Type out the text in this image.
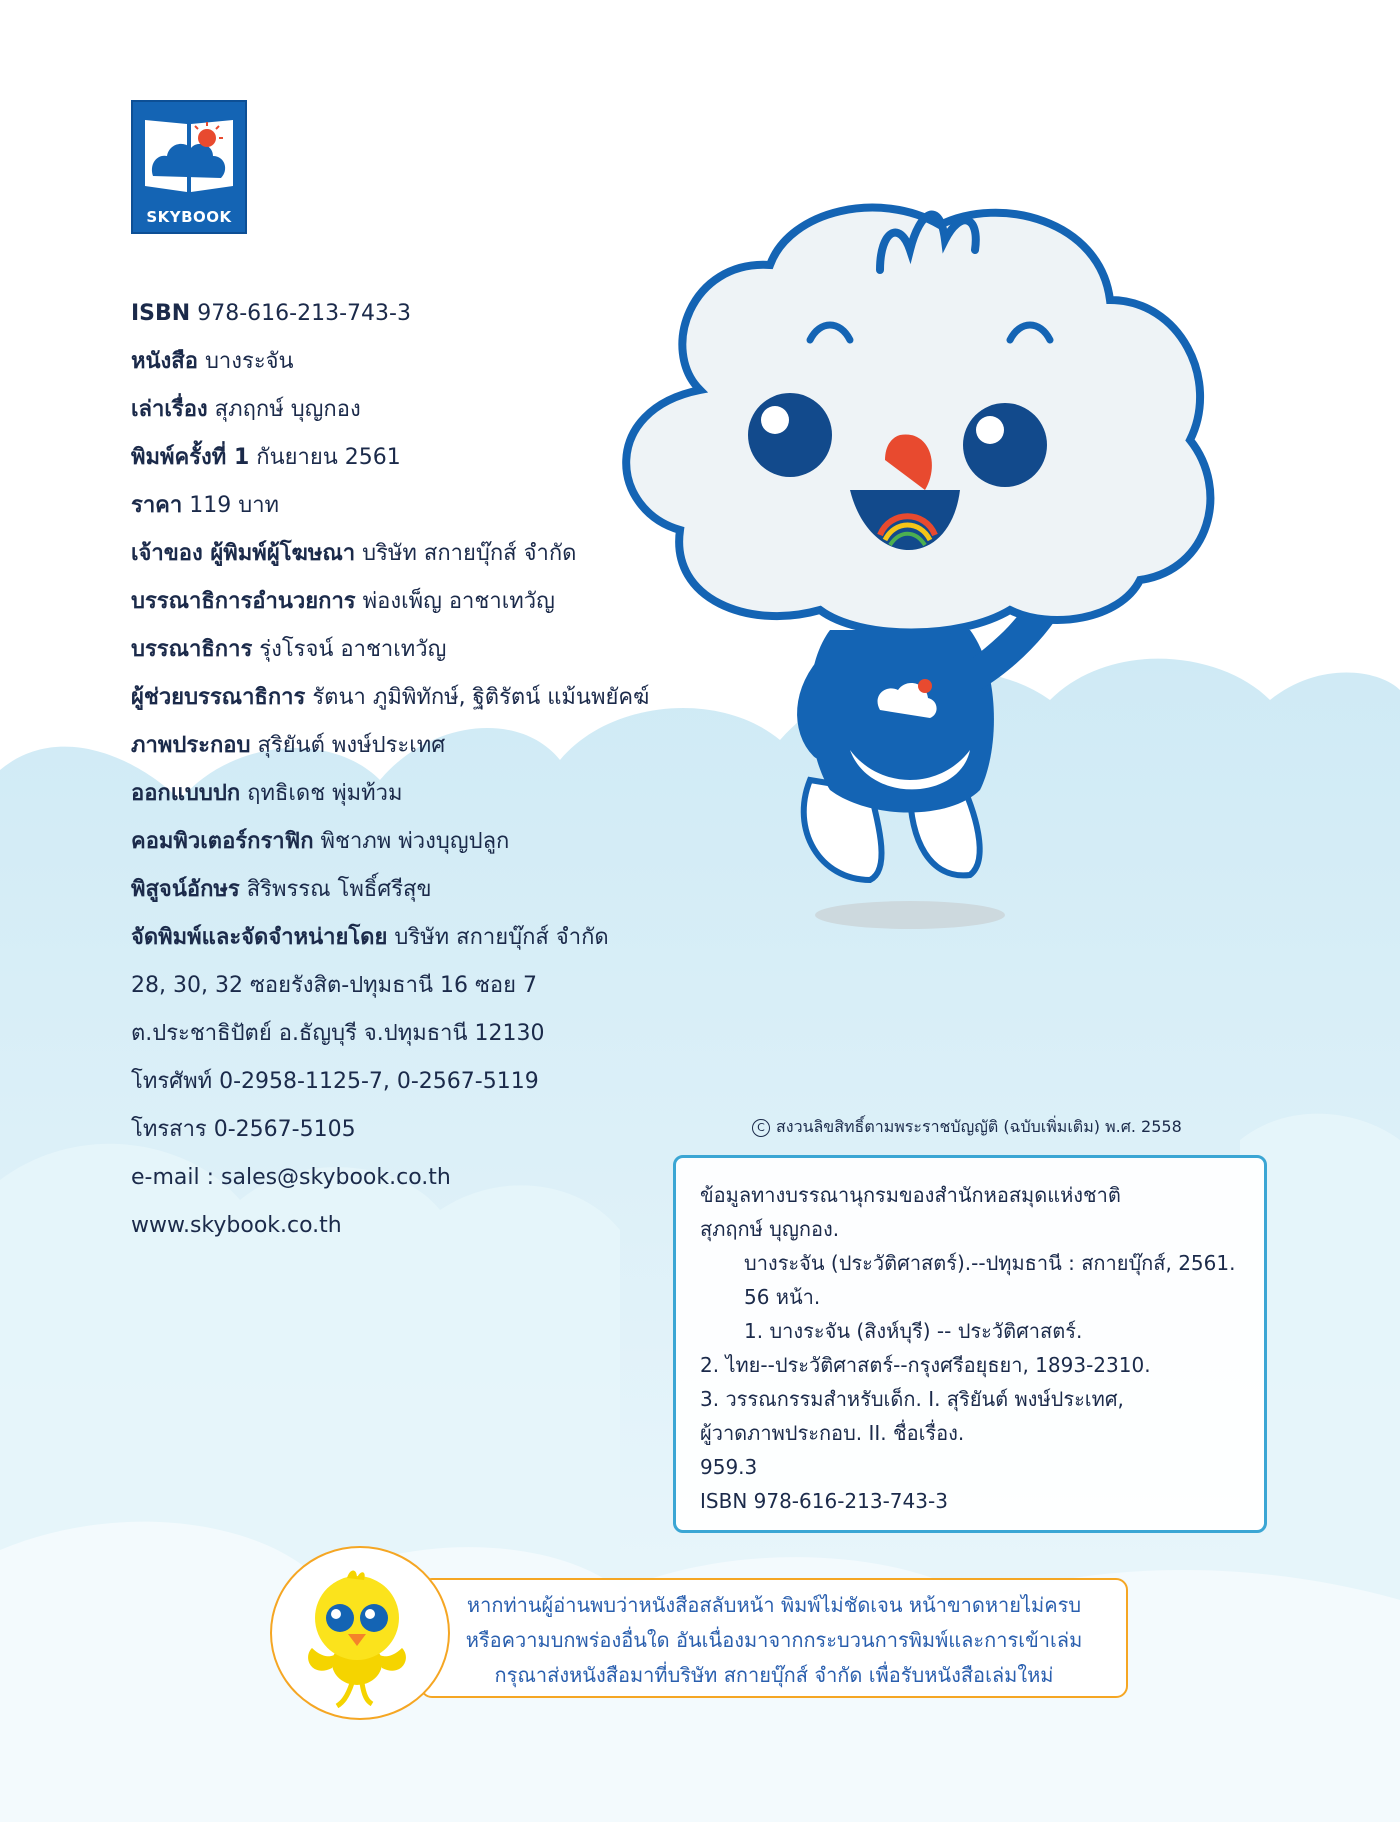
SKYBOOK
ISBN 978-616-213-743-3
หนังสือ บางระจัน
เล่าเรื่อง สุภฤกษ์ บุญกอง
พิมพ์ครั้งที่ 1 กันยายน 2561
ราคา 119 บาท
เจ้าของ ผู้พิมพ์ผู้โฆษณา บริษัท สกายบุ๊กส์ จำกัด
บรรณาธิการอำนวยการ พ่องเพ็ญ อาชาเทวัญ
บรรณาธิการ รุ่งโรจน์ อาชาเทวัญ
ผู้ช่วยบรรณาธิการ รัตนา ภูมิพิทักษ์, ฐิติรัตน์ แม้นพยัคฆ์
ภาพประกอบ สุริยันต์ พงษ์ประเทศ
ออกแบบปก ฤทธิเดช พุ่มท้วม
คอมพิวเตอร์กราฟิก พิชาภพ พ่วงบุญปลูก
พิสูจน์อักษร สิริพรรณ โพธิ์ศรีสุข
จัดพิมพ์และจัดจำหน่ายโดย บริษัท สกายบุ๊กส์ จำกัด
28, 30, 32 ซอยรังสิต-ปทุมธานี 16 ซอย 7
ต.ประชาธิปัตย์ อ.ธัญบุรี จ.ปทุมธานี 12130
โทรศัพท์ 0-2958-1125-7, 0-2567-5119
โทรสาร 0-2567-5105
e-mail : sales@skybook.co.th
www.skybook.co.th
C สงวนลิขสิทธิ์ตามพระราชบัญญัติ (ฉบับเพิ่มเติม) พ.ศ. 2558
ข้อมูลทางบรรณานุกรมของสำนักหอสมุดแห่งชาติ
สุภฤกษ์ บุญกอง.
บางระจัน (ประวัติศาสตร์).--ปทุมธานี : สกายบุ๊กส์, 2561.
56 หน้า.
1. บางระจัน (สิงห์บุรี) -- ประวัติศาสตร์.
2. ไทย--ประวัติศาสตร์--กรุงศรีอยุธยา, 1893-2310.
3. วรรณกรรมสำหรับเด็ก. I. สุริยันต์ พงษ์ประเทศ,
ผู้วาดภาพประกอบ. II. ชื่อเรื่อง.
959.3
ISBN 978-616-213-743-3
หากท่านผู้อ่านพบว่าหนังสือสลับหน้า พิมพ์ไม่ชัดเจน หน้าขาดหายไม่ครบ
หรือความบกพร่องอื่นใด อันเนื่องมาจากกระบวนการพิมพ์และการเข้าเล่ม
กรุณาส่งหนังสือมาที่บริษัท สกายบุ๊กส์ จำกัด เพื่อรับหนังสือเล่มใหม่
